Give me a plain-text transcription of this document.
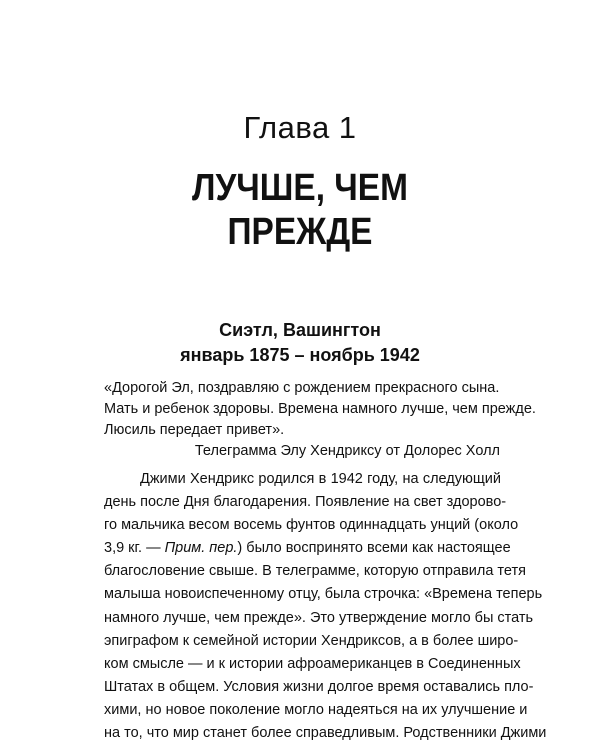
Глава 1
ЛУЧШЕ, ЧЕМ
ПРЕЖДЕ
Сиэтл, Вашингтон
январь 1875 – ноябрь 1942
«Дорогой Эл, поздравляю с рождением прекрасного сына.
Мать и ребенок здоровы. Времена намного лучше, чем прежде.
Люсиль передает привет».
Телеграмма Элу Хендриксу от Долорес Холл
Джими Хендрикс родился в 1942 году, на следующий
день после Дня благодарения. Появление на свет здорово-
го мальчика весом восемь фунтов одиннадцать унций (около
3,9 кг. — Прим. пер.) было воспринято всеми как настоящее
благословение свыше. В телеграмме, которую отправила тетя
малыша новоиспеченному отцу, была строчка: «Времена теперь
намного лучше, чем прежде». Это утверждение могло бы стать
эпиграфом к семейной истории Хендриксов, а в более широ-
ком смысле — и к истории афроамериканцев в Соединенных
Штатах в общем. Условия жизни долгое время оставались пло-
хими, но новое поколение могло надеяться на их улучшение и
на то, что мир станет более справедливым. Родственники Джими
